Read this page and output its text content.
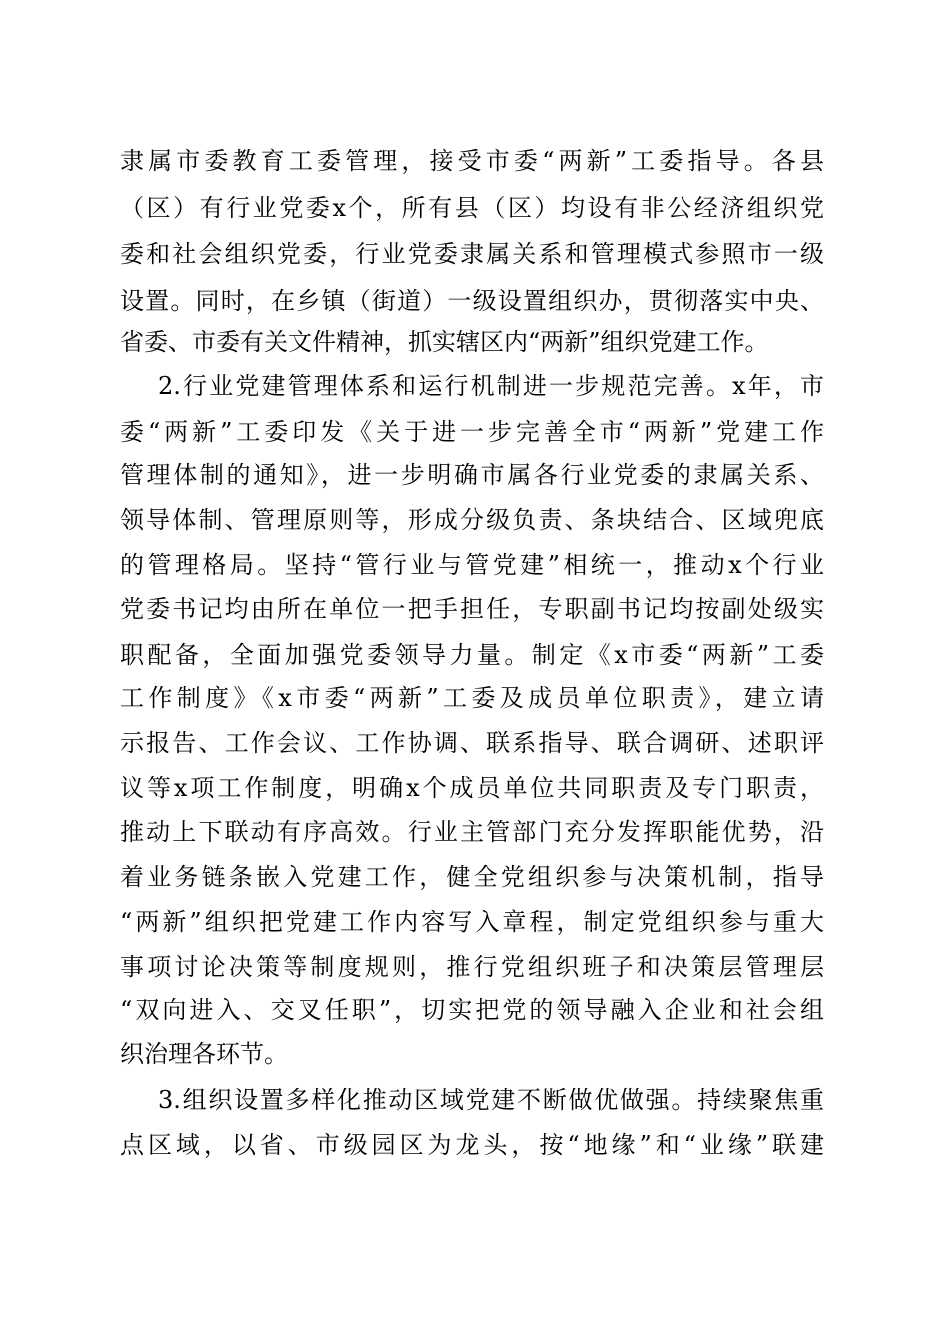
隶属市委教育工委管理，接受市委“两新”工委指导。各县
（区）有行业党委x个，所有县（区）均设有非公经济组织党
委和社会组织党委，行业党委隶属关系和管理模式参照市一级
设置。同时，在乡镇（街道）一级设置组织办，贯彻落实中央、
省委、市委有关文件精神，抓实辖区内“两新”组织党建工作。
2.行业党建管理体系和运行机制进一步规范完善。x年，市
委“两新”工委印发《关于进一步完善全市“两新”党建工作
管理体制的通知》，进一步明确市属各行业党委的隶属关系、
领导体制、管理原则等，形成分级负责、条块结合、区域兜底
的管理格局。坚持“管行业与管党建”相统一，推动x个行业
党委书记均由所在单位一把手担任，专职副书记均按副处级实
职配备，全面加强党委领导力量。制定《x市委“两新”工委
工作制度》《x市委“两新”工委及成员单位职责》，建立请
示报告、工作会议、工作协调、联系指导、联合调研、述职评
议等x项工作制度，明确x个成员单位共同职责及专门职责，
推动上下联动有序高效。行业主管部门充分发挥职能优势，沿
着业务链条嵌入党建工作，健全党组织参与决策机制，指导
“两新”组织把党建工作内容写入章程，制定党组织参与重大
事项讨论决策等制度规则，推行党组织班子和决策层管理层
“双向进入、交叉任职”，切实把党的领导融入企业和社会组
织治理各环节。
3.组织设置多样化推动区域党建不断做优做强。持续聚焦重
点区域，以省、市级园区为龙头，按“地缘”和“业缘”联建
